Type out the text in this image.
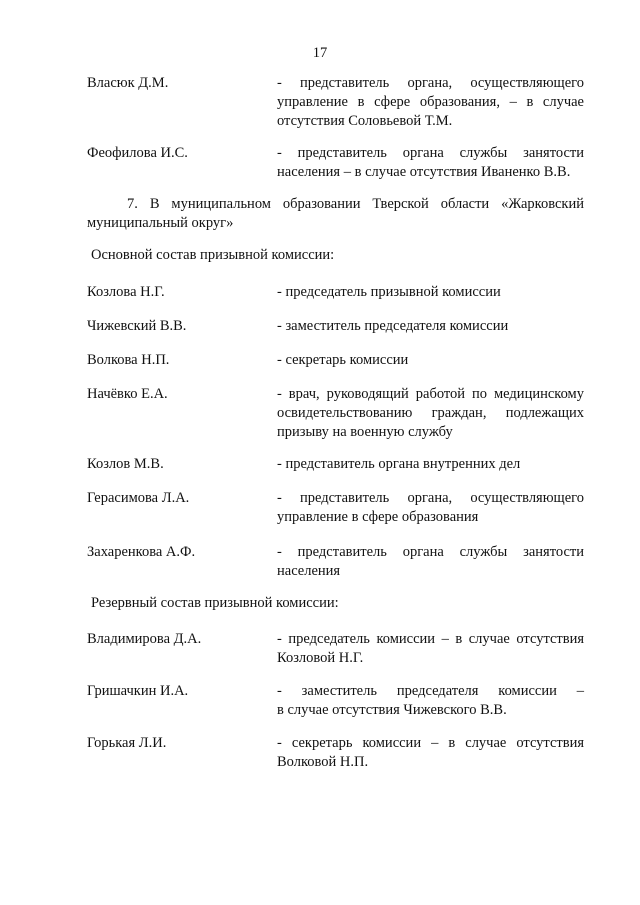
17
Власюк Д.М.	- представитель органа, осуществляющего
управление в сфере образования, – в случае
отсутствия Соловьевой Т.М.
Феофилова И.С.	- представитель органа службы занятости
населения – в случае отсутствия Иваненко В.В.
7. В муниципальном образовании Тверской области «Жарковский
муниципальный округ»
Основной состав призывной комиссии:
Козлова Н.Г.	- председатель призывной комиссии
Чижевский В.В.	- заместитель председателя комиссии
Волкова Н.П.	- секретарь комиссии
Начёвко Е.А.	- врач, руководящий работой по медицинскому
освидетельствованию граждан, подлежащих
призыву на военную службу
Козлов М.В.	- представитель органа внутренних дел
Герасимова Л.А.	- представитель органа, осуществляющего
управление в сфере образования
Захаренкова А.Ф.	- представитель органа службы занятости
населения
Резервный состав призывной комиссии:
Владимирова Д.А.	- председатель комиссии – в случае отсутствия
Козловой Н.Г.
Гришачкин И.А.	- заместитель председателя комиссии –
в случае отсутствия Чижевского В.В.
Горькая Л.И.	- секретарь комиссии – в случае отсутствия
Волковой Н.П.
